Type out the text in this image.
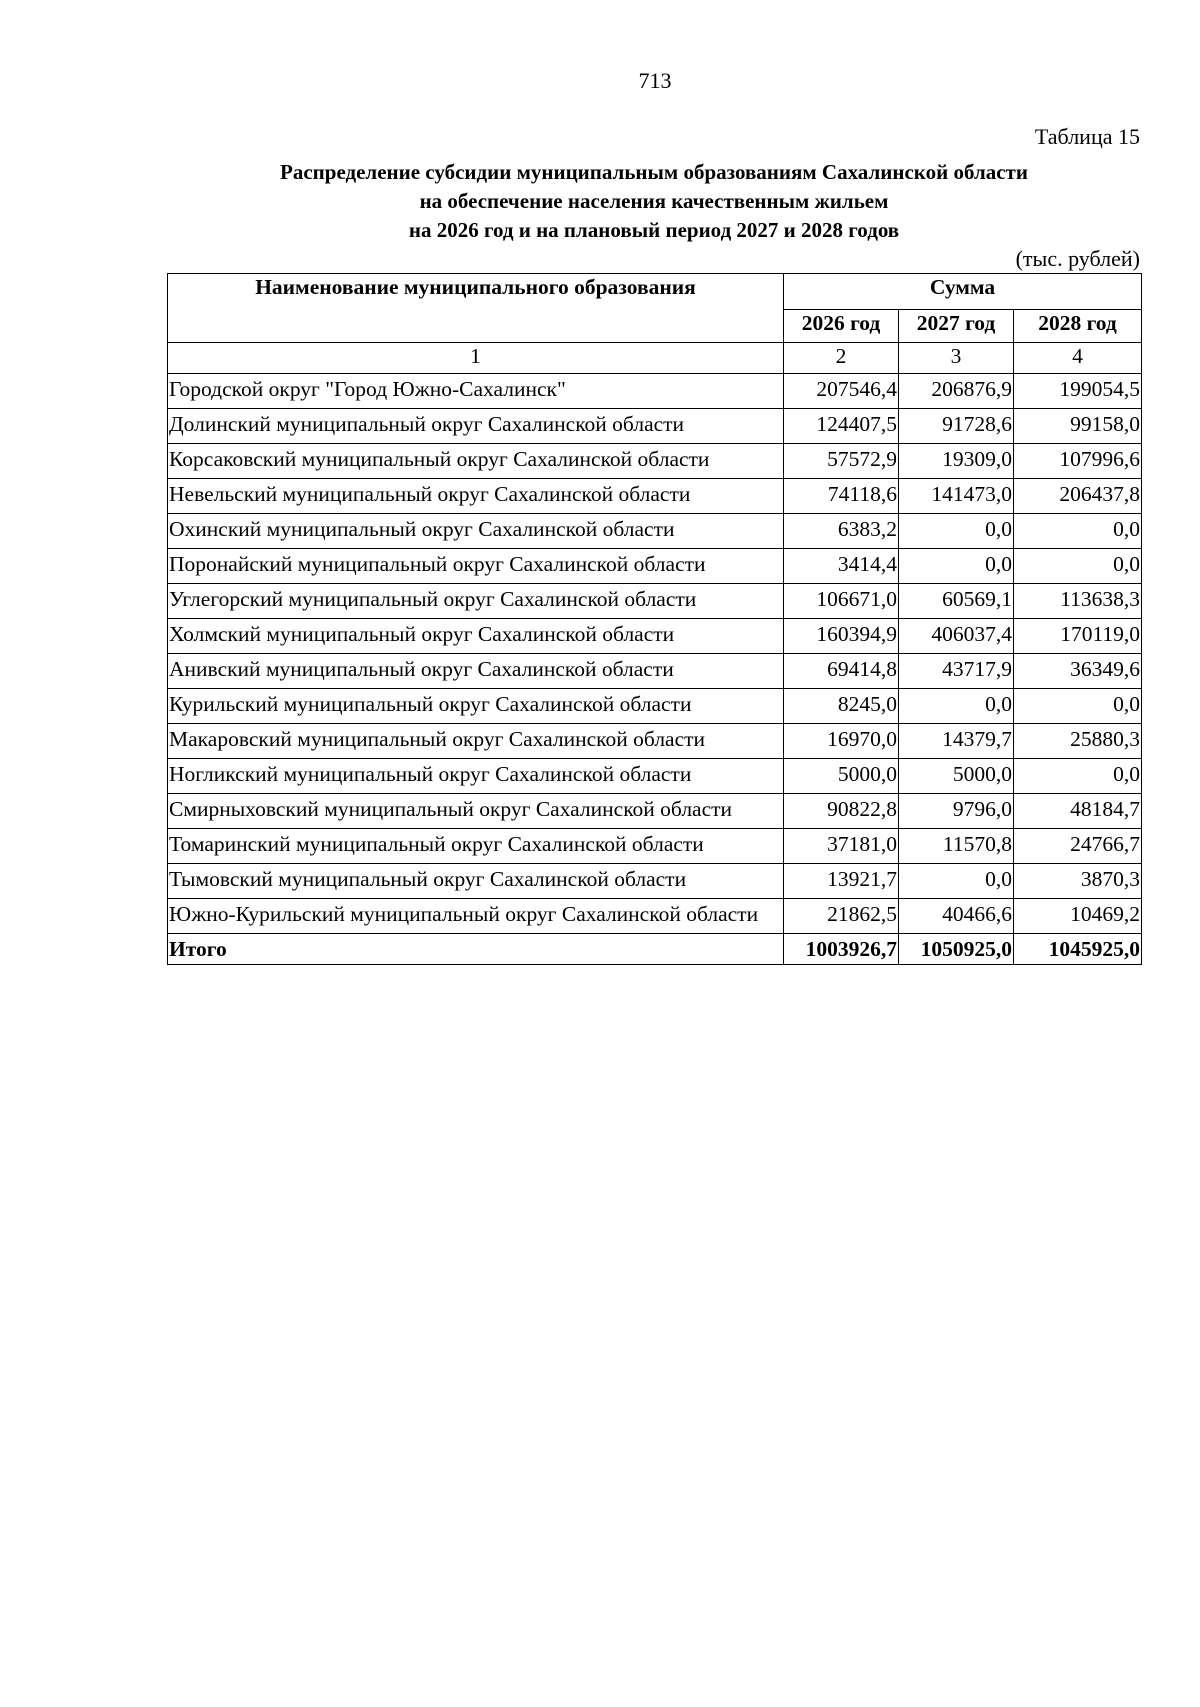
713
Таблица 15
Распределение субсидии муниципальным образованиям Сахалинской области
на обеспечение населения качественным жильем
на 2026 год и на плановый период 2027 и 2028 годов
(тыс. рублей)
Наименование муниципального образования	Сумма		
	2026 год	2027 год	2028 год
1	2	3	4
Городской округ "Город Южно-Сахалинск"	207546,4	206876,9	199054,5
Долинский муниципальный округ Сахалинской области	124407,5	91728,6	99158,0
Корсаковский муниципальный округ Сахалинской области	57572,9	19309,0	107996,6
Невельский муниципальный округ Сахалинской области	74118,6	141473,0	206437,8
Охинский муниципальный округ Сахалинской области	6383,2	0,0	0,0
Поронайский муниципальный округ Сахалинской области	3414,4	0,0	0,0
Углегорский муниципальный округ Сахалинской области	106671,0	60569,1	113638,3
Холмский муниципальный округ Сахалинской области	160394,9	406037,4	170119,0
Анивский муниципальный округ Сахалинской области	69414,8	43717,9	36349,6
Курильский муниципальный округ Сахалинской области	8245,0	0,0	0,0
Макаровский муниципальный округ Сахалинской области	16970,0	14379,7	25880,3
Ногликский муниципальный округ Сахалинской области	5000,0	5000,0	0,0
Смирныховский муниципальный округ Сахалинской области	90822,8	9796,0	48184,7
Томаринский муниципальный округ Сахалинской области	37181,0	11570,8	24766,7
Тымовский муниципальный округ Сахалинской области	13921,7	0,0	3870,3
Южно-Курильский муниципальный округ Сахалинской области	21862,5	40466,6	10469,2
Итого	1003926,7	1050925,0	1045925,0
